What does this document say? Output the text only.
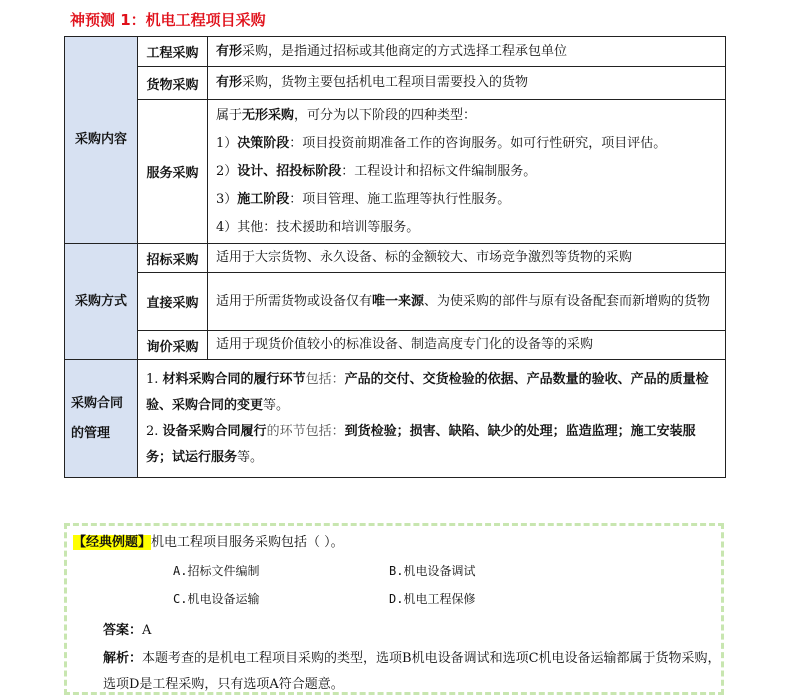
神预测 1：机电工程项目采购
采购内容	工程采购	有形采购，是指通过招标或其他商定的方式选择工程承包单位
	货物采购	有形采购，货物主要包括机电工程项目需要投入的货物
	服务采购	属于无形采购，可分为以下阶段的四种类型：
1）决策阶段：项目投资前期准备工作的咨询服务。如可行性研究，项目评估。
2）设计、招投标阶段：工程设计和招标文件编制服务。
3）施工阶段：项目管理、施工监理等执行性服务。
4）其他：技术援助和培训等服务。

采购方式	招标采购	适用于大宗货物、永久设备、标的金额较大、市场竞争激烈等货物的采购
	直接采购	适用于所需货物或设备仅有唯一来源、为使采购的部件与原有设备配套而新增购的货物
	询价采购	适用于现货价值较小的标准设备、制造高度专门化的设备等的采购
采购合同的管理	1. 材料采购合同的履行环节包括：产品的交付、交货检验的依据、产品数量的验收、产品的质量检验、采购合同的变更等。
2. 设备采购合同履行的环节包括：到货检验；损害、缺陷、缺少的处理；监造监理；施工安装服务；试运行服务等。	
【经典例题】机电工程项目服务采购包括（ ）。
A.招标文件编制	B.机电设备调试
C.机电设备运输	D.机电工程保修
答案：A
解析：本题考查的是机电工程项目采购的类型，选项B机电设备调试和选项C机电设备运输都属于货物采购，选项D是工程采购，只有选项A符合题意。
